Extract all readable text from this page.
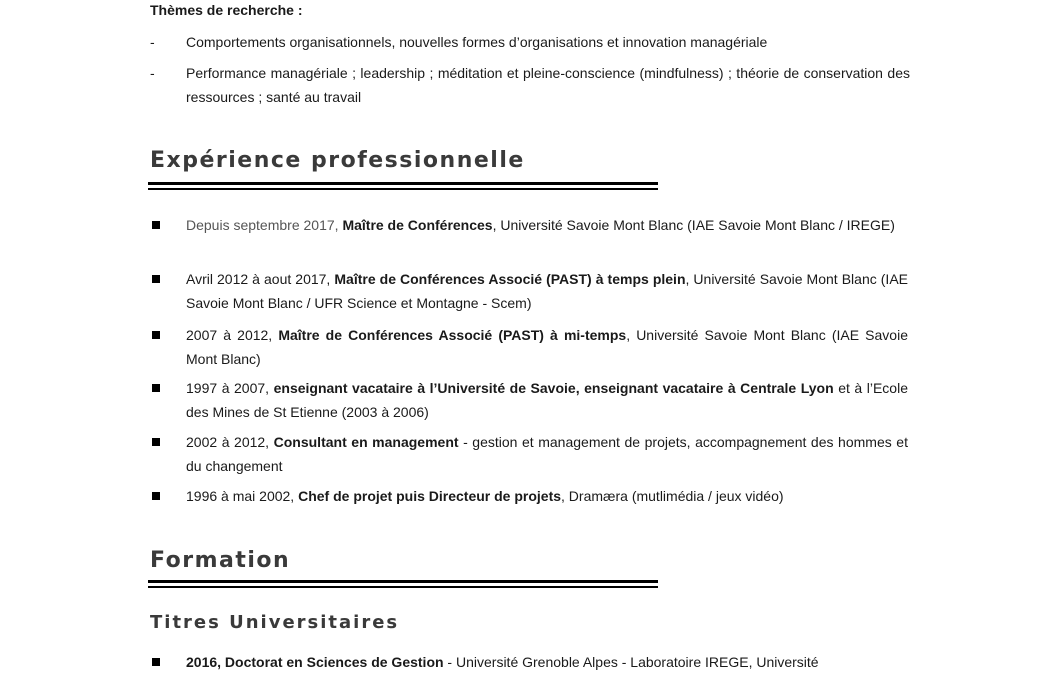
Thèmes de recherche :
-	Comportements organisationnels, nouvelles formes d’organisations et innovation managériale
-	Performance managériale ; leadership ; méditation et pleine-conscience (mindfulness) ; théorie de conservation des ressources ; santé au travail
Expérience professionnelle
Depuis septembre 2017, Maître de Conférences, Université Savoie Mont Blanc (IAE Savoie Mont Blanc / IREGE)
Avril 2012 à aout 2017, Maître de Conférences Associé (PAST) à temps plein, Université Savoie Mont Blanc (IAE Savoie Mont Blanc / UFR Science et Montagne - Scem)
2007 à 2012, Maître de Conférences Associé (PAST) à mi-temps, Université Savoie Mont Blanc (IAE Savoie Mont Blanc)
1997 à 2007, enseignant vacataire à l’Université de Savoie, enseignant vacataire à Centrale Lyon et à l’Ecole des Mines de St Etienne (2003 à 2006)
2002 à 2012, Consultant en management - gestion et management de projets, accompagnement des hommes et du changement
1996 à mai 2002, Chef de projet puis Directeur de projets, Dramæra (mutlimédia / jeux vidéo)
Formation
Titres Universitaires
2016, Doctorat en Sciences de Gestion - Université Grenoble Alpes - Laboratoire IREGE, Université
